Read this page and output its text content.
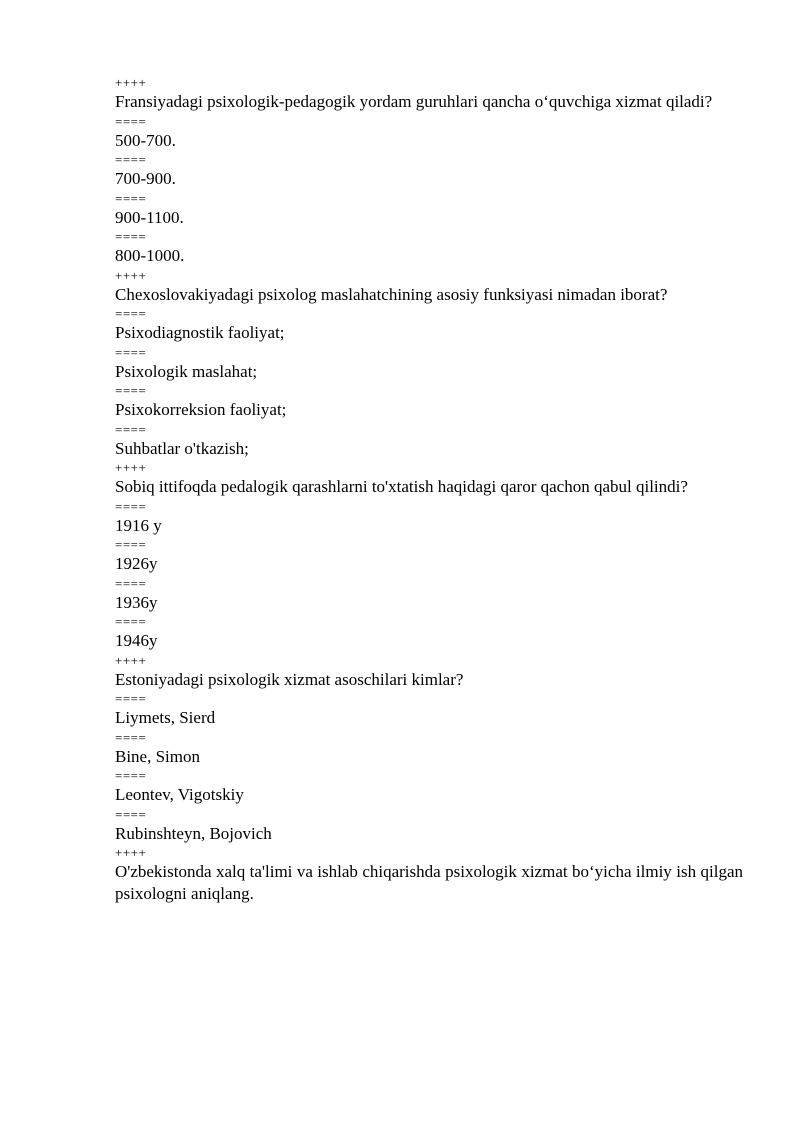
++++
Fransiyadagi psixologik-pedagogik yordam guruhlari qancha o‘quvchiga xizmat qiladi?
====
500-700.
====
700-900.
====
900-1100.
====
800-1000.
++++
Chexoslovakiyadagi psixolog maslahatchining asosiy funksiyasi nimadan iborat?
====
Psixodiagnostik faoliyat;
====
Psixologik maslahat;
====
Psixokorreksion faoliyat;
====
Suhbatlar o'tkazish;
++++
Sobiq ittifoqda pedalogik qarashlarni to'xtatish haqidagi qaror qachon qabul qilindi?
====
1916 y
====
1926y
====
1936y
====
1946y
++++
Estoniyadagi psixologik xizmat asoschilari kimlar?
====
Liymets, Sierd
====
Bine, Simon
====
Leontev, Vigotskiy
====
Rubinshteyn, Bojovich
++++
O'zbekistonda xalq ta'limi va ishlab chiqarishda psixologik xizmat bo‘yicha ilmiy ish qilgan psixologni aniqlang.
